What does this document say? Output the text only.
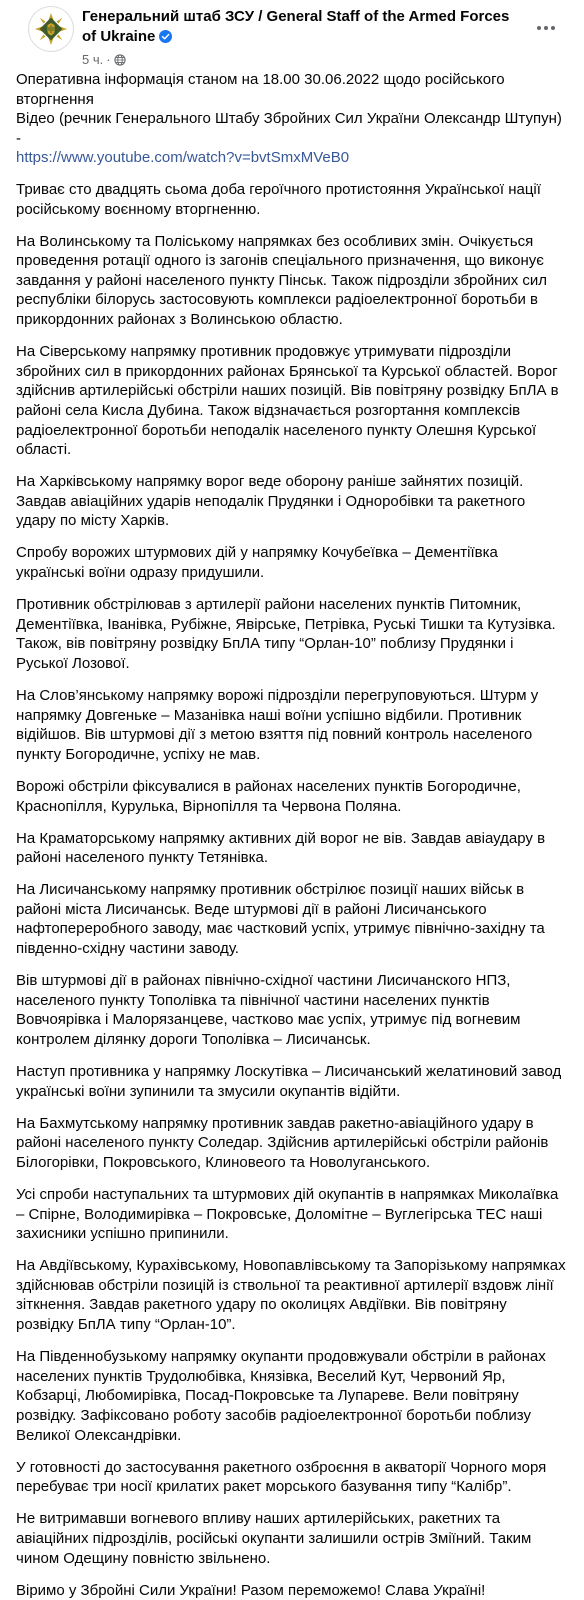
Генеральний штаб ЗСУ / General Staff of the Armed Forces of Ukraine
5 ч. ·

Оперативна інформація станом на 18.00 30.06.2022 щодо російського вторгнення
Відео (речник Генерального Штабу Збройних Сил України Олександр Штупун) -
https://www.youtube.com/watch?v=bvtSmxMVeB0

Триває сто двадцять сьома доба героїчного протистояння Української нації російському воєнному вторгненню.

На Волинському та Поліському напрямках без особливих змін. Очікується проведення ротації одного із загонів спеціального призначення, що виконує завдання у районі населеного пункту Пінськ. Також підрозділи збройних сил республіки білорусь застосовують комплекси радіоелектронної боротьби в прикордонних районах з Волинською областю.

На Сіверському напрямку противник продовжує утримувати підрозділи збройних сил в прикордонних районах Брянської та Курської областей. Ворог здійснив артилерійські обстріли наших позицій. Вів повітряну розвідку БпЛА в районі села Кисла Дубина. Також відзначається розгортання комплексів радіоелектронної боротьби неподалік населеного пункту Олешня Курської області.

На Харківському напрямку ворог веде оборону раніше зайнятих позицій. Завдав авіаційних ударів неподалік Прудянки і Одноробівки та ракетного удару по місту Харків.

Спробу ворожих штурмових дій у напрямку Кочубеївка – Дементіївка українські воїни одразу придушили.

Противник обстрілював з артилерії райони населених пунктів Питомник, Дементіївка, Іванівка, Рубіжне, Явірське, Петрівка, Руські Тишки та Кутузівка. Також, вів повітряну розвідку БпЛА типу “Орлан-10” поблизу Прудянки і Руської Лозової.

На Слов’янському напрямку ворожі підрозділи перегруповуються. Штурм у напрямку Довгеньке – Мазанівка наші воїни успішно відбили. Противник відійшов. Вів штурмові дії з метою взяття під повний контроль населеного пункту Богородичне, успіху не мав.

Ворожі обстріли фіксувалися в районах населених пунктів Богородичне, Краснопілля, Курулька, Вірнопілля та Червона Поляна.

На Краматорському напрямку активних дій ворог не вів. Завдав авіаудару в районі населеного пункту Тетянівка.

На Лисичанському напрямку противник обстрілює позиції наших військ в районі міста Лисичанськ. Веде штурмові дії в районі Лисичанського нафтопереробного заводу, має частковий успіх, утримує північно-західну та південно-східну частини заводу.

Вів штурмові дії в районах північно-східної частини Лисичанского НПЗ, населеного пункту Тополівка та північної частини населених пунктів Вовчоярівка і Малорязанцеве, частково має успіх, утримує під вогневим контролем ділянку дороги Тополівка – Лисичанськ.

Наступ противника у напрямку Лоскутівка – Лисичанський желатиновий завод українські воїни зупинили та змусили окупантів відійти.

На Бахмутському напрямку противник завдав ракетно-авіаційного удару в районі населеного пункту Соледар. Здійснив артилерійські обстріли районів Білогорівки, Покровського, Клиновеого та Новолуганського.

Усі спроби наступальних та штурмових дій окупантів в напрямках Миколаївка – Спірне, Володимирівка – Покровське, Доломітне – Вуглегірська ТЕС наші захисники успішно припинили.

На Авдіївському, Курахівському, Новопавлівському та Запорізькому напрямках здійснював обстріли позицій із ствольної та реактивної артилерії вздовж лінії зіткнення. Завдав ракетного удару по околицях Авдіївки. Вів повітряну розвідку БпЛА типу “Орлан-10”.

На Південнобузькому напрямку окупанти продовжували обстріли в районах населених пунктів Трудолюбівка, Князівка, Веселий Кут, Червоний Яр, Кобзарці, Любомирівка, Посад-Покровське та Лупареве. Вели повітряну розвідку. Зафіксовано роботу засобів радіоелектронної боротьби поблизу Великої Олександрівки.

У готовності до застосування ракетного озброєння в акваторії Чорного моря перебуває три носії крилатих ракет морського базування типу “Калібр”.

Не витримавши вогневого впливу наших артилерійських, ракетних та авіаційних підрозділів, російські окупанти залишили острів Зміїний. Таким чином Одещину повністю звільнено.

Віримо у Збройні Сили України! Разом переможемо! Слава Україні!
